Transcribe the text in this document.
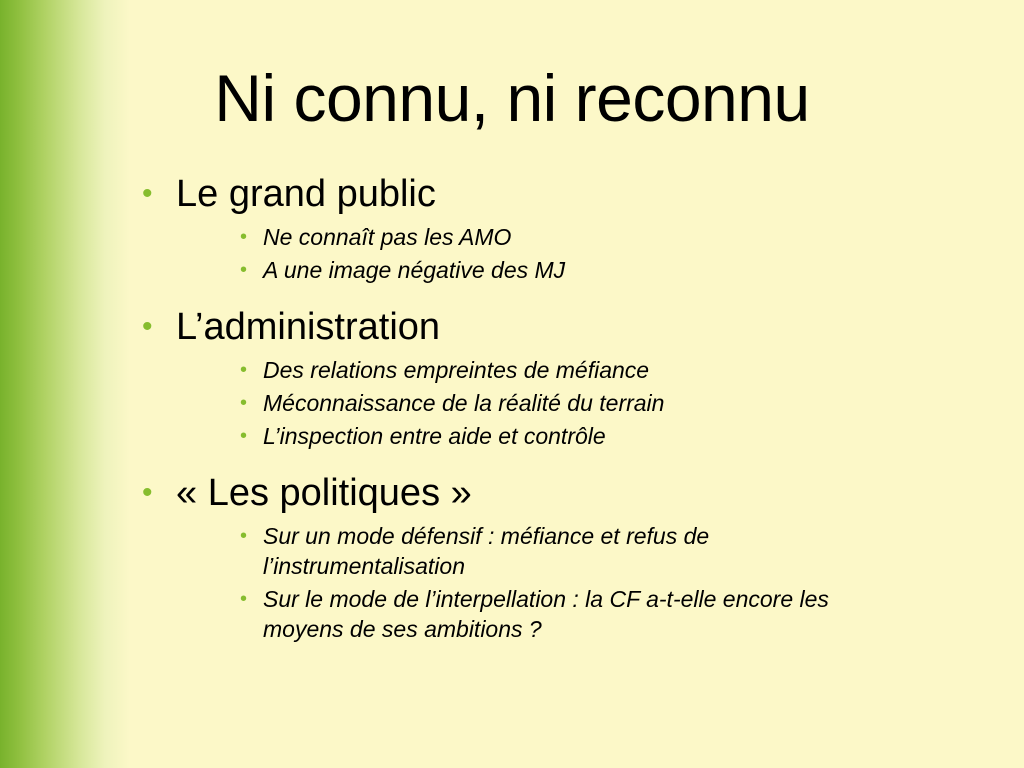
Ni connu, ni reconnu
• Le grand public
• Ne connaît pas les AMO
• A une image négative des MJ
• L’administration
• Des relations empreintes de méfiance
• Méconnaissance de la réalité du terrain
• L’inspection entre aide et contrôle
• « Les politiques »
• Sur un mode défensif : méfiance et refus de l’instrumentalisation
• Sur le mode de l’interpellation : la CF a-t-elle encore les moyens de ses ambitions ?
